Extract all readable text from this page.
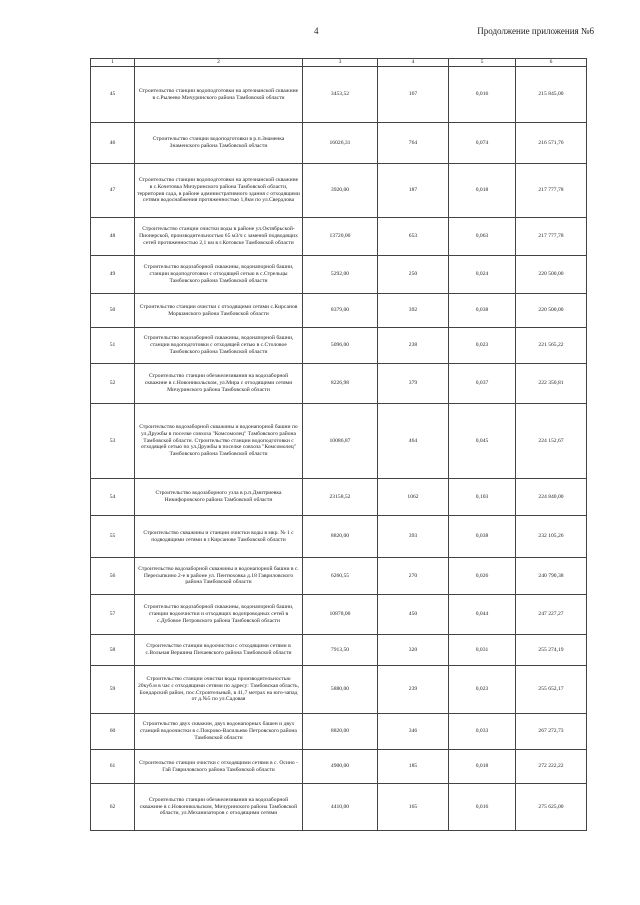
4	Продолжение приложения №6
1	2	3	4	5	6
45	Строительство станции водоподготовки на артезианской скважине в с.Рылеево Мичуринского района Тамбовской области	3453,52	167	0,016	215 845,00
46	Строительство станции водоподготовки в р.п.Знаменка Знаменского района Тамбовской области	16026,31	764	0,074	216 571,76
47	Строительство станции водоподготовки на артезианской скважине в с.Кочетовка Мичуринского района Тамбовской области, территория сада, в районе административного здания с отходящими сетями водоснабжения протяженностью 1,8км по ул.Свердлова	3920,00	187	0,018	217 777,78
48	Строительство станции очистки воды в районе ул.Октябрьской-Пионерской, производительностью 65 м3/ч с заменой подводящих сетей протяженностью 2,1 км в г.Котовске Тамбовской области	13720,00	653	0,063	217 777,78
49	Строительство водозаборной скважины, водонапорной башни, станции водоподготовки с отходящей сетью в с.Стрельцы Тамбовского района Тамбовской области	5292,00	250	0,024	220 500,00
50	Строительство станции очистки с отходящими сетями с.Кирсанов Моршанского района Тамбовской области	8379,00	392	0,038	220 500,00
51	Строительство водозаборной скважины, водонапорной башни, станции водоподготовки с отходящей сетью в с.Столовое Тамбовского района Тамбовской области	5096,00	238	0,023	221 565,22
52	Строительство станции обезжелезивания на водозаборной скважине в с.Новоникольском, ул.Мира с отходящими сетями Мичуринского района Тамбовской области	8226,98	379	0,037	222 350,81
53	Строительство водозаборной скважины и водонапорной башни по ул.Дружбы в поселке совхоза "Комсомолец" Тамбовского района Тамбовской области. Строительство станции водоподготовки с отходящей сетью по ул.Дружбы в поселке совхоза "Комсомолец" Тамбовского района Тамбовской области	10086,87	464	0,045	224 152,67
54	Строительство водозаборного узла в р.п.Дмитриевка Никифоровского района Тамбовской области	23158,52	1062	0,103	224 840,00
55	Строительство скважины и станции очистки воды в мкр. № 1 с подводящими сетями в г.Кирсанове Тамбовской области	8820,00	393	0,038	232 105,26
56	Строительство водозаборной скважины и водонапорной башни в с. Пересыпкино 2-е в районе ул. Пентюховка д.18 Гавриловского района Тамбовской области	6260,55	270	0,026	240 790,38
57	Строительство водозаборной скважины, водонапорной башни, станции водоочистки и отходящих водопроводных сетей в с.Дубовое Петровского района Тамбовской области	10878,00	450	0,044	247 227,27
58	Строительство станции водоочистки с отходящими сетями в с.Вольная Вершина Пичаевского района Тамбовской области	7913,50	320	0,031	255 274,19
59	Строительство станции очистки воды производительностью 20куб.м в час с отходящими сетями по адресу: Тамбовская область, Бондарский район, пос.Строительный, в 41,7 метрах на юго-запад от д.№5 по ул.Садовая	5880,00	239	0,023	255 652,17
60	Строительство двух скважин, двух водонапорных башен и двух станций водоочистки в с.Покрово-Васильево Петровского района Тамбовской области	8820,00	346	0,033	267 272,73
61	Строительство станции очистки с отходящими сетями в с. Осино - Гай Гавриловского района Тамбовской области	4900,00	185	0,018	272 222,22
62	Строительство станции обезжелезивания на водозаборной скважине в с.Новоникольском, Мичуринского района Тамбовской области, ул.Механизаторов с отходящими сетями	4410,00	165	0,016	275 625,00
